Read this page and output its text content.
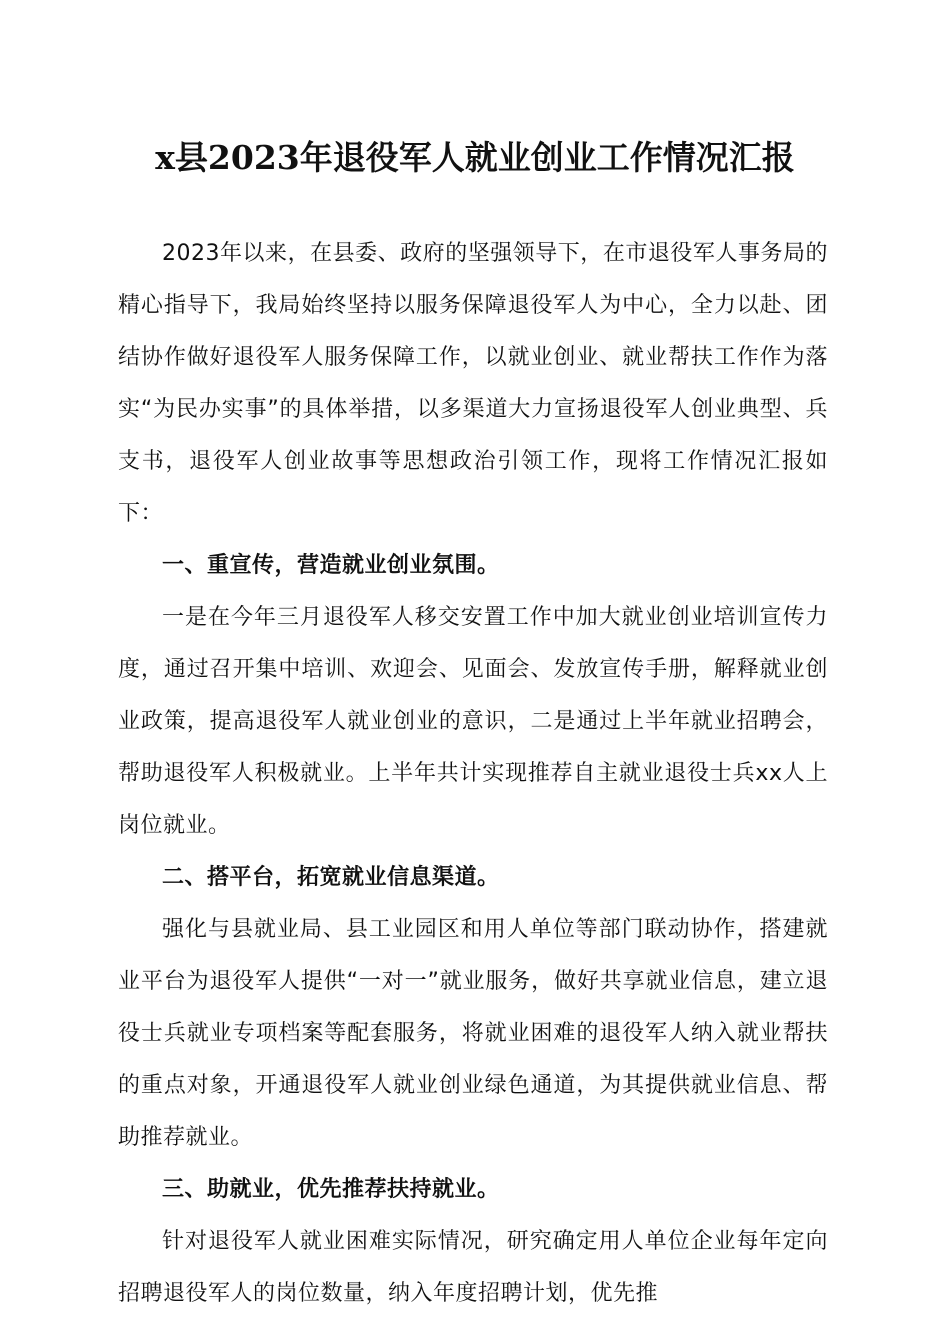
x县2023年退役军人就业创业工作情况汇报

2023年以来，在县委、政府的坚强领导下，在市退役军人事务局的精心指导下，我局始终坚持以服务保障退役军人为中心，全力以赴、团结协作做好退役军人服务保障工作，以就业创业、就业帮扶工作作为落实“为民办实事”的具体举措，以多渠道大力宣扬退役军人创业典型、兵支书，退役军人创业故事等思想政治引领工作，现将工作情况汇报如下：

一、重宣传，营造就业创业氛围。

一是在今年三月退役军人移交安置工作中加大就业创业培训宣传力度，通过召开集中培训、欢迎会、见面会、发放宣传手册，解释就业创业政策，提高退役军人就业创业的意识，二是通过上半年就业招聘会，帮助退役军人积极就业。上半年共计实现推荐自主就业退役士兵xx人上岗位就业。

二、搭平台，拓宽就业信息渠道。

强化与县就业局、县工业园区和用人单位等部门联动协作，搭建就业平台为退役军人提供“一对一”就业服务，做好共享就业信息，建立退役士兵就业专项档案等配套服务，将就业困难的退役军人纳入就业帮扶的重点对象，开通退役军人就业创业绿色通道，为其提供就业信息、帮助推荐就业。

三、助就业，优先推荐扶持就业。

针对退役军人就业困难实际情况，研究确定用人单位企业每年定向招聘退役军人的岗位数量，纳入年度招聘计划，优先推
